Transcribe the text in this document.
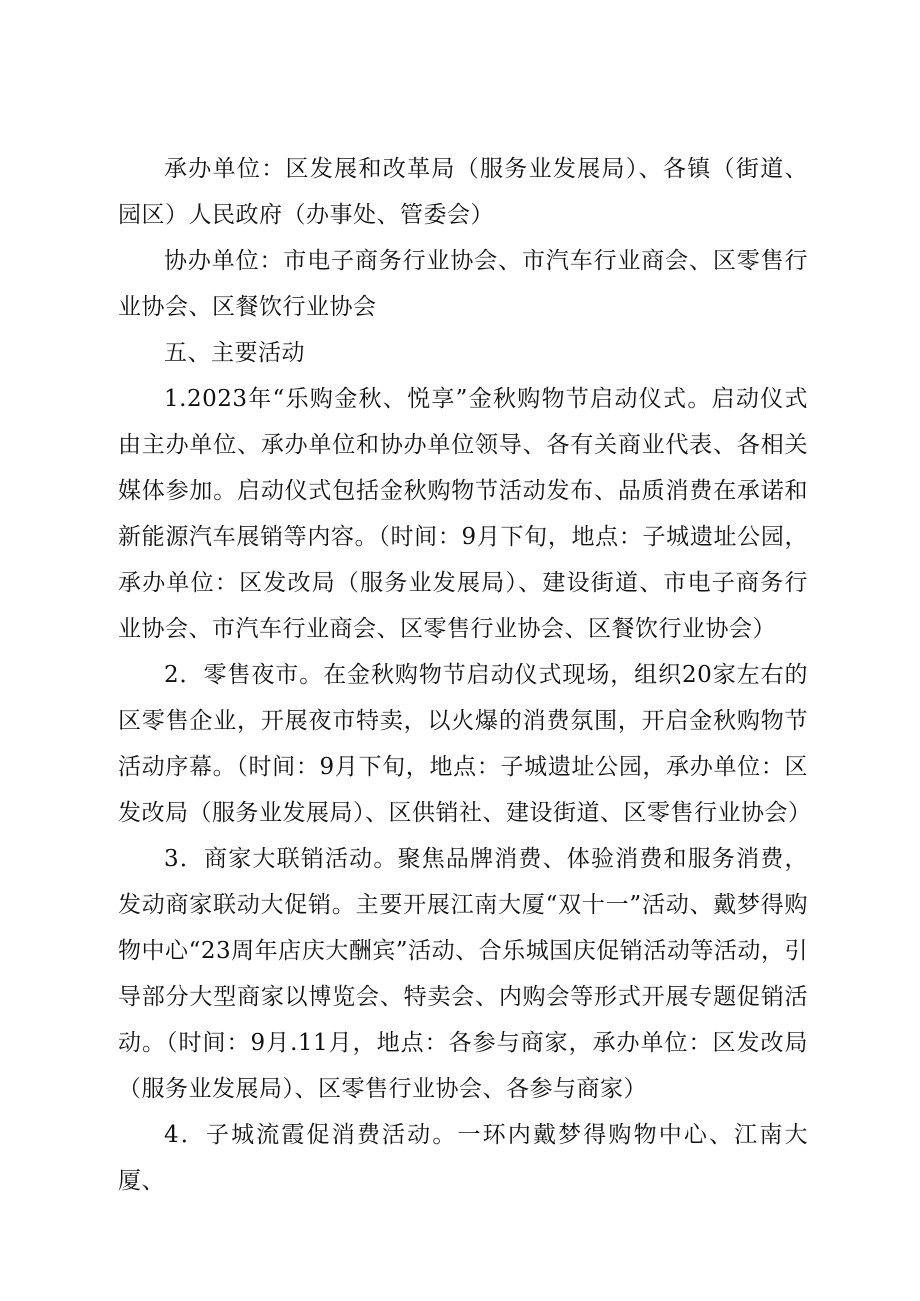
承办单位：区发展和改革局（服务业发展局）、各镇（街道、园区）人民政府（办事处、管委会）

协办单位：市电子商务行业协会、市汽车行业商会、区零售行业协会、区餐饮行业协会

五、主要活动

1.2023年“乐购金秋、悦享”金秋购物节启动仪式。启动仪式由主办单位、承办单位和协办单位领导、各有关商业代表、各相关媒体参加。启动仪式包括金秋购物节活动发布、品质消费在承诺和新能源汽车展销等内容。（时间：9月下旬，地点：子城遗址公园，承办单位：区发改局（服务业发展局）、建设街道、市电子商务行业协会、市汽车行业商会、区零售行业协会、区餐饮行业协会）

2．零售夜市。在金秋购物节启动仪式现场，组织20家左右的区零售企业，开展夜市特卖，以火爆的消费氛围，开启金秋购物节活动序幕。（时间：9月下旬，地点：子城遗址公园，承办单位：区发改局（服务业发展局）、区供销社、建设街道、区零售行业协会）

3．商家大联销活动。聚焦品牌消费、体验消费和服务消费，发动商家联动大促销。主要开展江南大厦“双十一”活动、戴梦得购物中心“23周年店庆大酬宾”活动、合乐城国庆促销活动等活动，引导部分大型商家以博览会、特卖会、内购会等形式开展专题促销活动。（时间：9月.11月，地点：各参与商家，承办单位：区发改局（服务业发展局）、区零售行业协会、各参与商家）

4．子城流霞促消费活动。一环内戴梦得购物中心、江南大厦、
